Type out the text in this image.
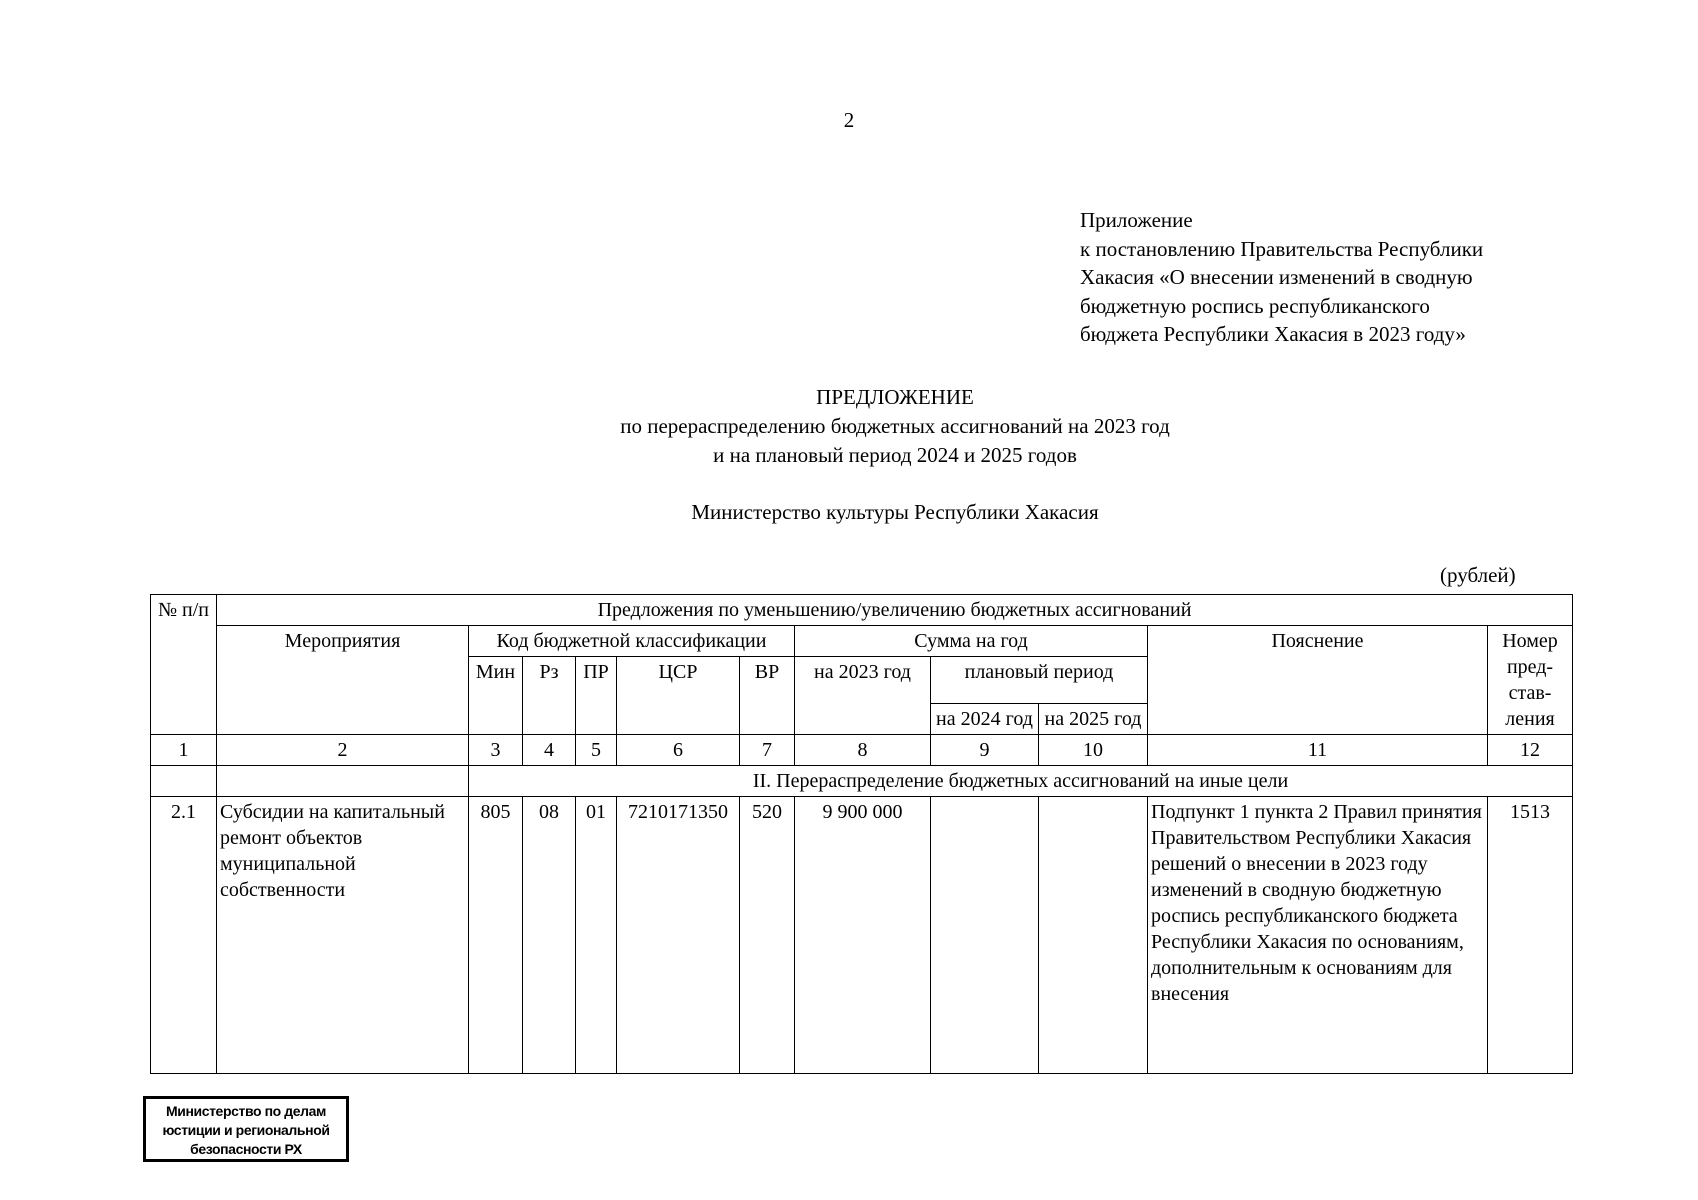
2
Приложение
к постановлению Правительства Республики
Хакасия «О внесении изменений в сводную
бюджетную роспись республиканского
бюджета Республики Хакасия в 2023 году»
ПРЕДЛОЖЕНИЕ
по перераспределению бюджетных ассигнований на 2023 год
и на плановый период 2024 и 2025 годов
Министерство культуры Республики Хакасия
(рублей)
№ п/п	Предложения по уменьшению/увеличению бюджетных ассигнований										
	Мероприятия	Код бюджетной классификации					Сумма на год			Пояснение	Номер пред-став-ления
		Мин	Рз	ПР	ЦСР	ВР	на 2023 год	плановый период			
								на 2024 год	на 2025 год		
1	2	3	4	5	6	7	8	9	10	11	12
		II. Перераспределение бюджетных ассигнований на иные цели									
2.1	Субсидии на капитальный ремонт объектов муниципальной собственности	805	08	01	7210171350	520	9 900 000			Подпункт 1 пункта 2 Правил принятия Правительством Республики Хакасия решений о внесении в 2023 году изменений в сводную бюджетную роспись республиканского бюджета Республики Хакасия по основаниям, дополнительным к основаниям для внесения	1513
Министерство по делам
юстиции и региональной
безопасности РХ
